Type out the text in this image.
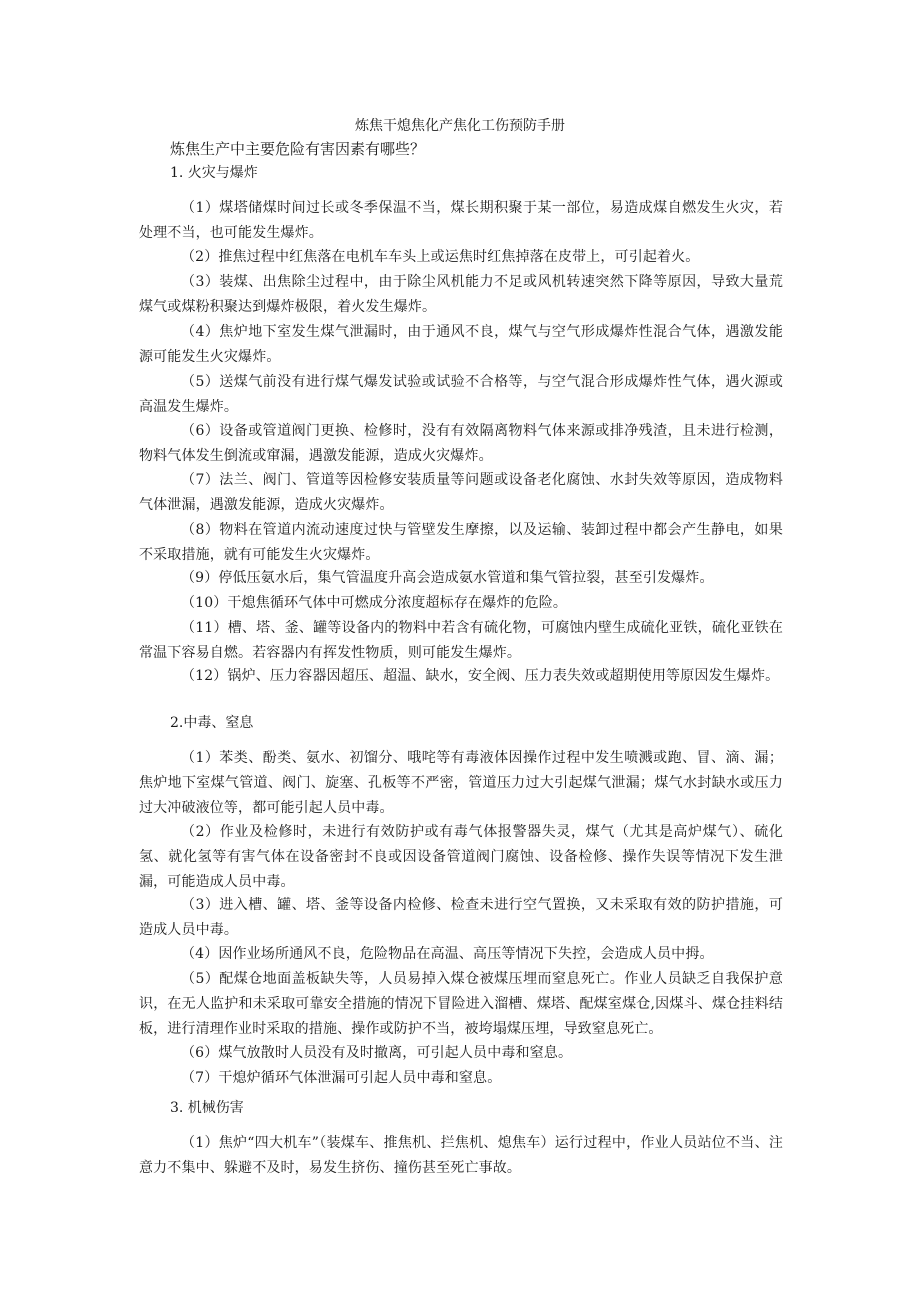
炼焦干熄焦化产焦化工伤预防手册

炼焦生产中主要危险有害因素有哪些？

1. 火灾与爆炸

（1）煤塔储煤时间过长或冬季保温不当，煤长期积聚于某一部位，易造成煤自燃发生火灾，若处理不当，也可能发生爆炸。

（2）推焦过程中红焦落在电机车车头上或运焦时红焦掉落在皮带上，可引起着火。

（3）装煤、出焦除尘过程中，由于除尘风机能力不足或风机转速突然下降等原因，导致大量荒煤气或煤粉积聚达到爆炸极限，着火发生爆炸。

（4）焦炉地下室发生煤气泄漏时，由于通风不良，煤气与空气形成爆炸性混合气体，遇激发能源可能发生火灾爆炸。

（5）送煤气前没有进行煤气爆发试验或试验不合格等，与空气混合形成爆炸性气体，遇火源或高温发生爆炸。

（6）设备或管道阀门更换、检修时，没有有效隔离物料气体来源或排净残渣，且未进行检测，物料气体发生倒流或窜漏，遇激发能源，造成火灾爆炸。

（7）法兰、阀门、管道等因检修安装质量等问题或设备老化腐蚀、水封失效等原因，造成物料气体泄漏，遇激发能源，造成火灾爆炸。

（8）物料在管道内流动速度过快与管壁发生摩擦，以及运输、装卸过程中都会产生静电，如果不采取措施，就有可能发生火灾爆炸。

（9）停低压氨水后，集气管温度升高会造成氨水管道和集气管拉裂，甚至引发爆炸。

（10）干熄焦循环气体中可燃成分浓度超标存在爆炸的危险。

（11）槽、塔、釜、罐等设备内的物料中若含有硫化物，可腐蚀内壁生成硫化亚铁，硫化亚铁在常温下容易自燃。若容器内有挥发性物质，则可能发生爆炸。

（12）锅炉、压力容器因超压、超温、缺水，安全阀、压力表失效或超期使用等原因发生爆炸。

2.中毒、窒息

（1）苯类、酚类、氨水、初馏分、哦咤等有毒液体因操作过程中发生喷溅或跑、冒、滴、漏；焦炉地下室煤气管道、阀门、旋塞、孔板等不严密，管道压力过大引起煤气泄漏；煤气水封缺水或压力过大冲破液位等，都可能引起人员中毒。

（2）作业及检修时，未进行有效防护或有毒气体报警器失灵，煤气（尤其是高炉煤气）、硫化氢、就化氢等有害气体在设备密封不良或因设备管道阀门腐蚀、设备检修、操作失误等情况下发生泄漏，可能造成人员中毒。

（3）进入槽、罐、塔、釜等设备内检修、检查未进行空气置换，又未采取有效的防护措施，可造成人员中毒。

（4）因作业场所通风不良，危险物品在高温、高压等情况下失控，会造成人员中拇。

（5）配煤仓地面盖板缺失等，人员易掉入煤仓被煤压埋而窒息死亡。作业人员缺乏自我保护意识，在无人监护和未采取可靠安全措施的情况下冒险进入溜槽、煤塔、配煤室煤仓,因煤斗、煤仓挂料结板，进行清理作业时采取的措施、操作或防护不当，被垮塌煤压埋，导致窒息死亡。

（6）煤气放散时人员没有及时撤离，可引起人员中毒和窒息。

（7）干熄炉循环气体泄漏可引起人员中毒和窒息。

3. 机械伤害

（1）焦炉“四大机车”（装煤车、推焦机、拦焦机、熄焦车）运行过程中，作业人员站位不当、注意力不集中、躲避不及时，易发生挤伤、撞伤甚至死亡事故。
